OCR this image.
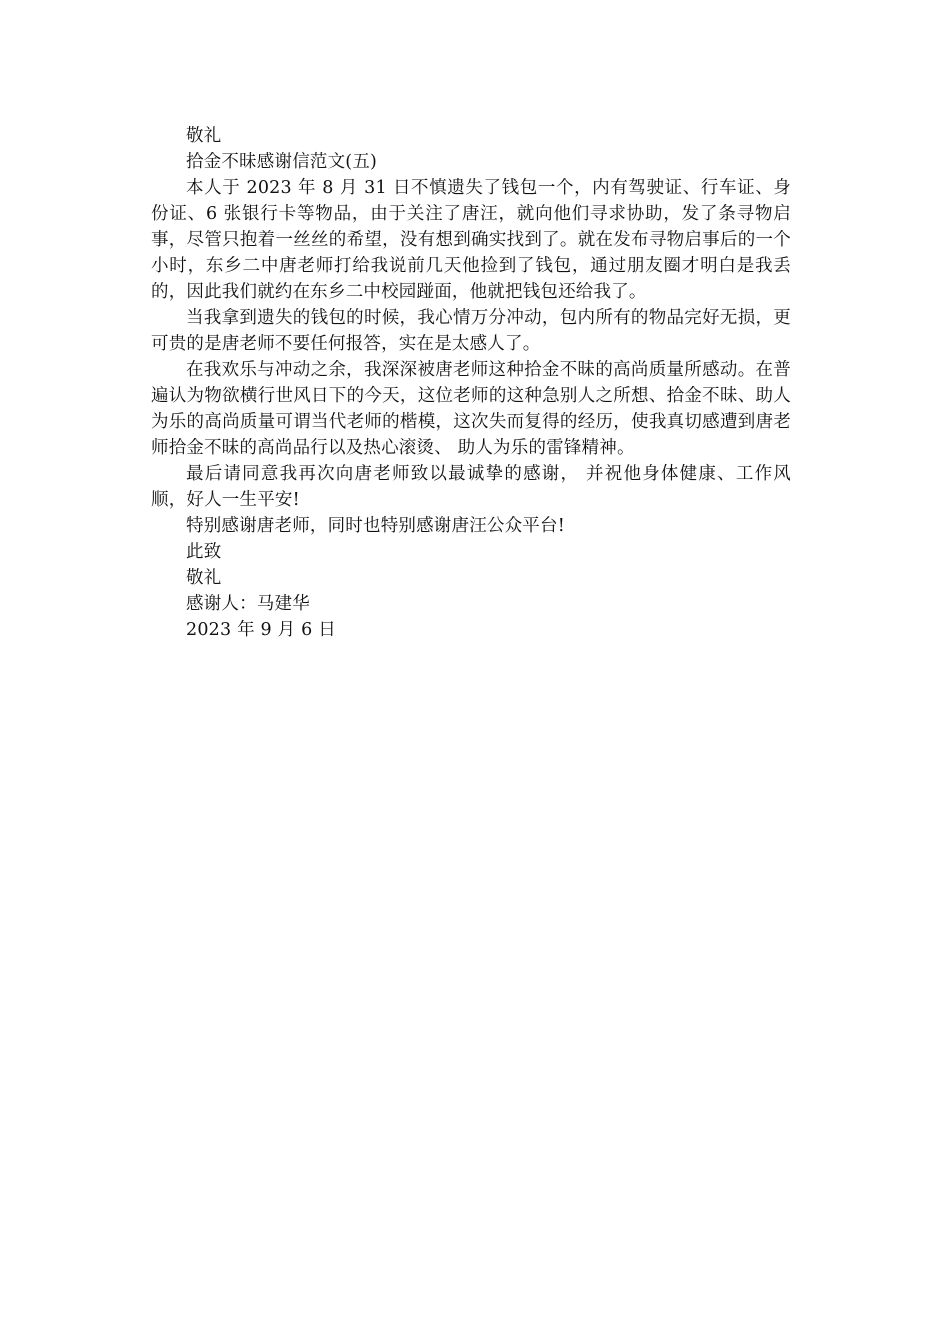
敬礼

拾金不昧感谢信范文(五)

本人于 2023 年 8 月 31 日不慎遗失了钱包一个，内有驾驶证、行车证、身份证、6 张银行卡等物品，由于关注了唐汪，就向他们寻求协助，发了条寻物启事，尽管只抱着一丝丝的希望，没有想到确实找到了。就在发布寻物启事后的一个小时，东乡二中唐老师打给我说前几天他捡到了钱包，通过朋友圈才明白是我丢的，因此我们就约在东乡二中校园踫面，他就把钱包还给我了。

当我拿到遗失的钱包的时候，我心情万分冲动，包内所有的物品完好无损，更可贵的是唐老师不要任何报答，实在是太感人了。

在我欢乐与冲动之余，我深深被唐老师这种拾金不昧的高尚质量所感动。在普遍认为物欲横行世风日下的今天，这位老师的这种急别人之所想、拾金不昧、助人为乐的高尚质量可谓当代老师的楷模，这次失而复得的经历，使我真切感遭到唐老师拾金不昧的高尚品行以及热心滚烫、 助人为乐的雷锋精神。

最后请同意我再次向唐老师致以最诚挚的感谢， 并祝他身体健康、工作风顺，好人一生平安!

特别感谢唐老师，同时也特别感谢唐汪公众平台!

此致

敬礼

感谢人：马建华

2023 年 9 月 6 日
